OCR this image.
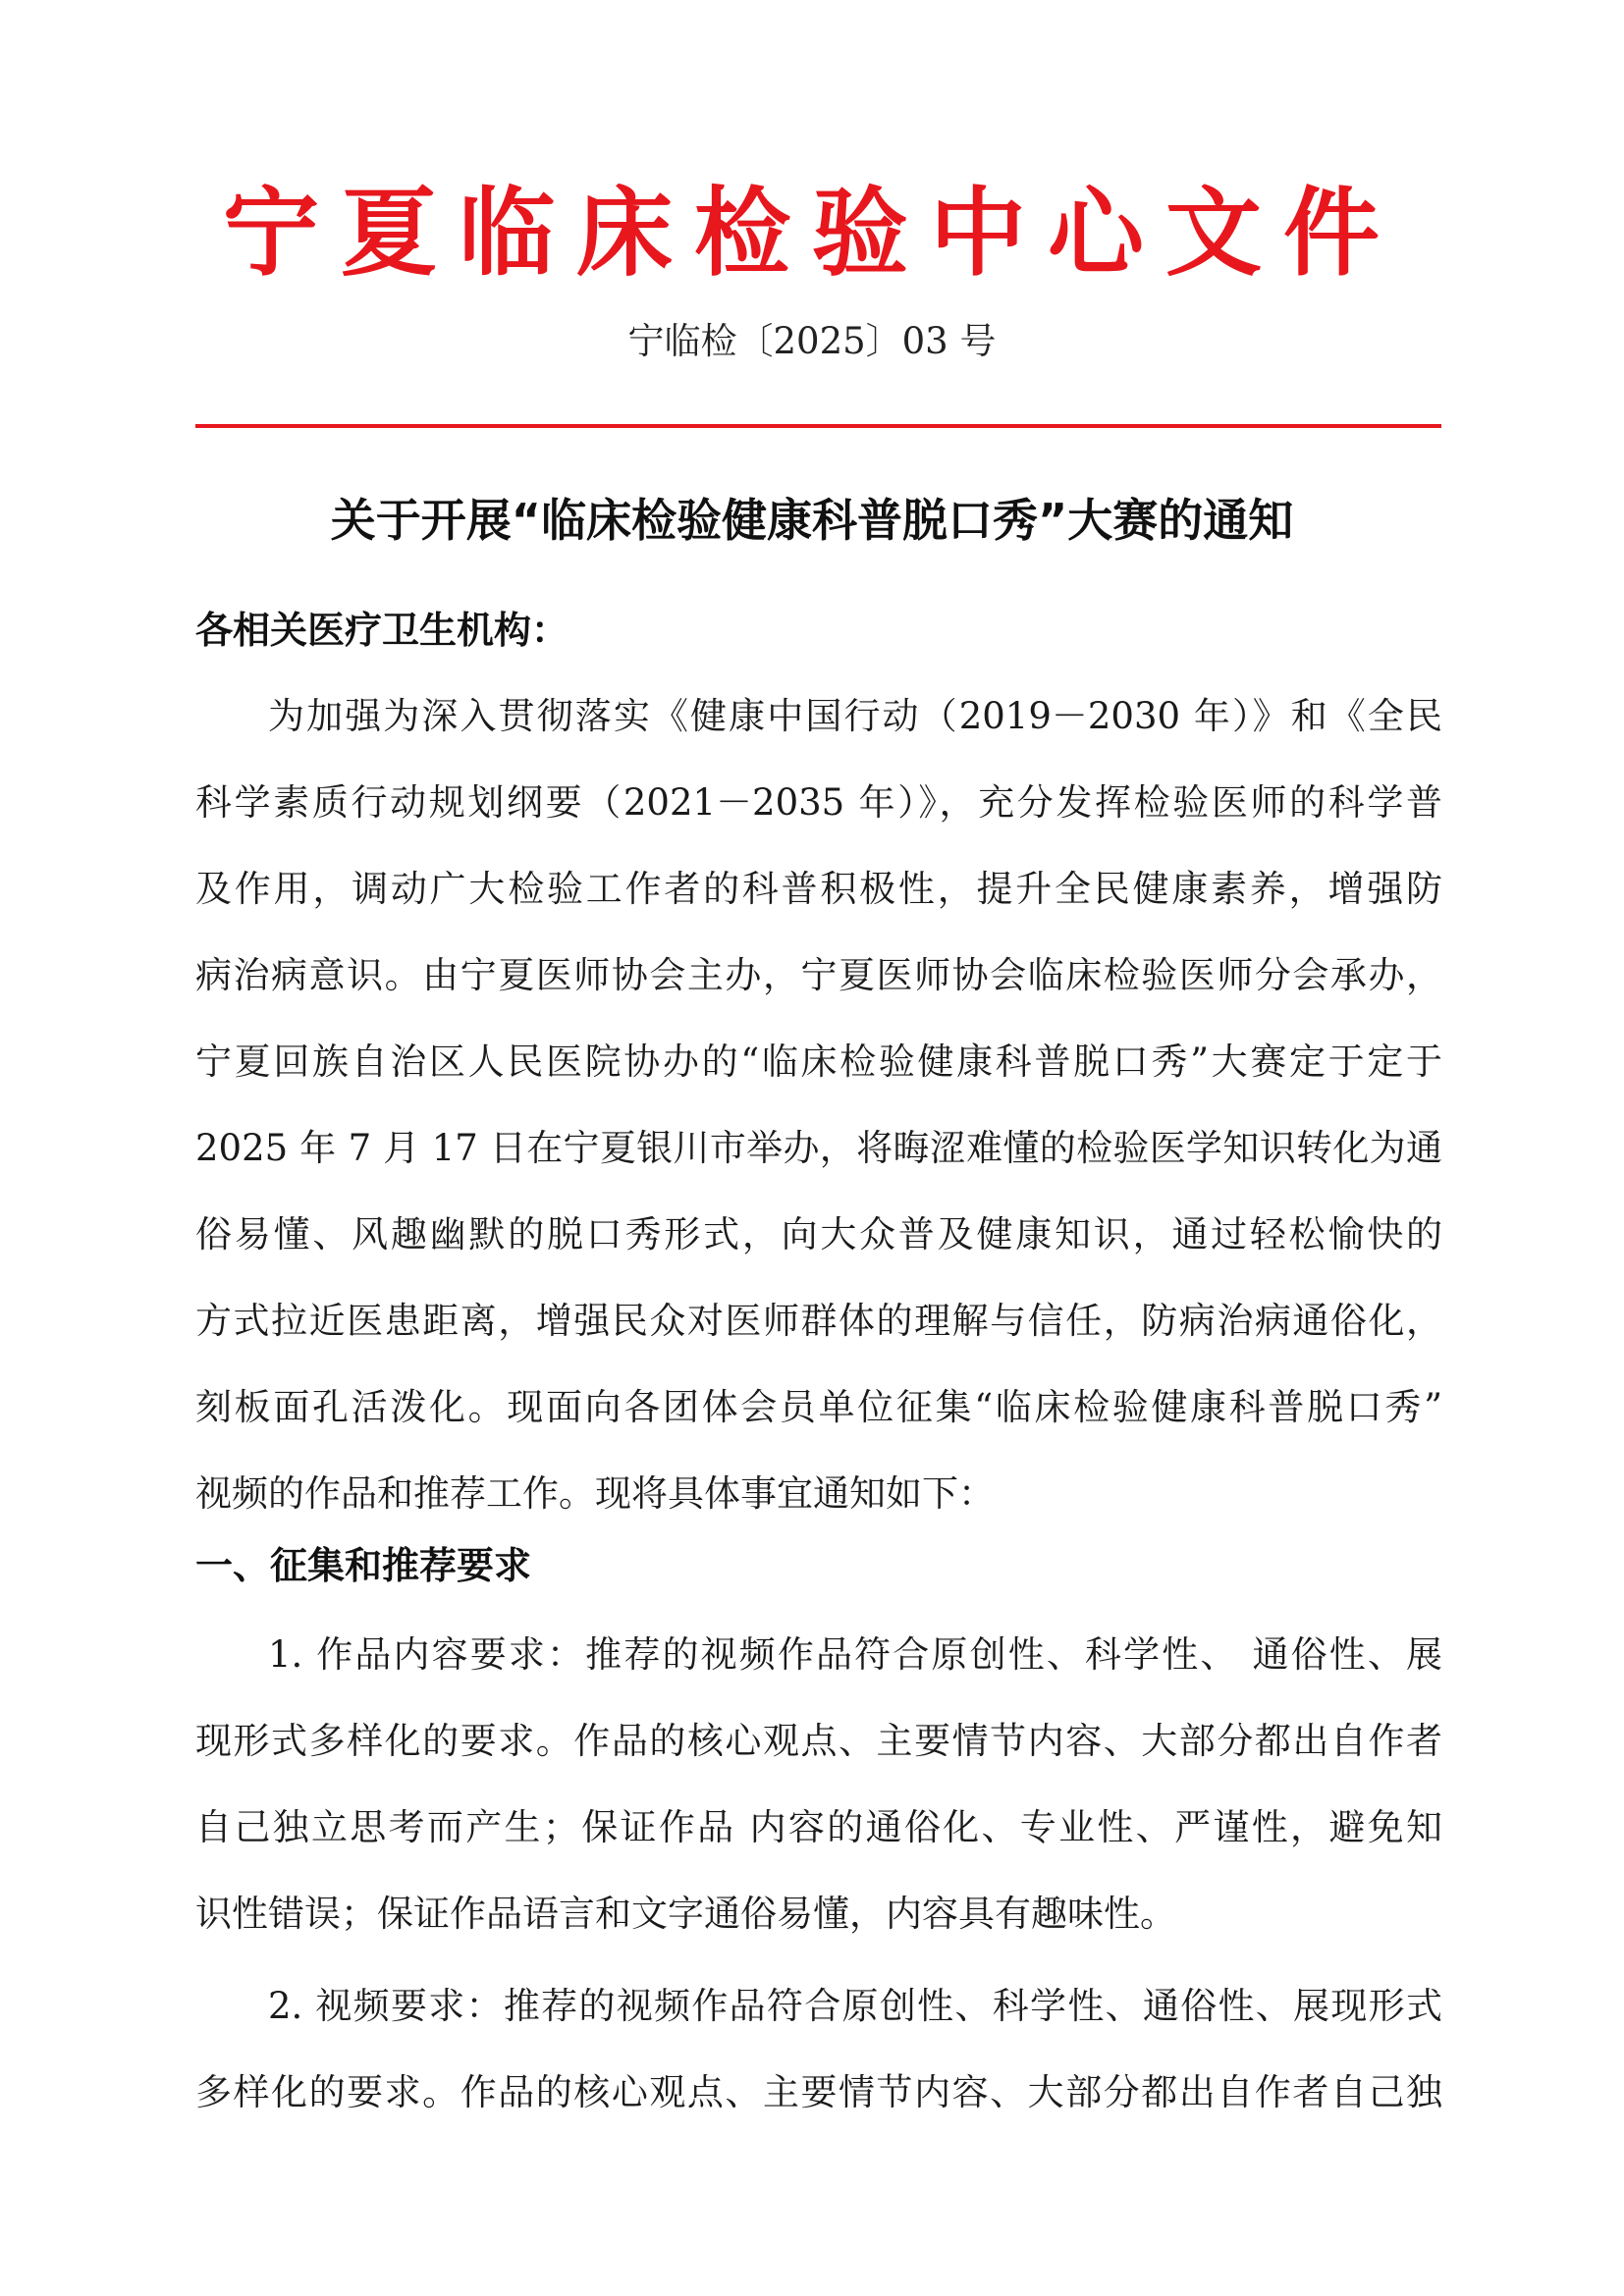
宁夏临床检验中心文件
宁临检〔2025〕03 号
关于开展“临床检验健康科普脱口秀”大赛的通知
各相关医疗卫生机构：
为加强为深入贯彻落实《健康中国行动（2019－2030 年）》和《全民
科学素质行动规划纲要（2021－2035 年）》，充分发挥检验医师的科学普
及作用，调动广大检验工作者的科普积极性，提升全民健康素养，增强防
病治病意识。由宁夏医师协会主办，宁夏医师协会临床检验医师分会承办，
宁夏回族自治区人民医院协办的“临床检验健康科普脱口秀”大赛定于定于
2025 年 7 月 17 日在宁夏银川市举办，将晦涩难懂的检验医学知识转化为通
俗易懂、风趣幽默的脱口秀形式，向大众普及健康知识，通过轻松愉快的
方式拉近医患距离，增强民众对医师群体的理解与信任，防病治病通俗化，
刻板面孔活泼化。现面向各团体会员单位征集“临床检验健康科普脱口秀”
视频的作品和推荐工作。现将具体事宜通知如下：
一、征集和推荐要求
1. 作品内容要求：推荐的视频作品符合原创性、科学性、 通俗性、展
现形式多样化的要求。作品的核心观点、主要情节内容、大部分都出自作者
自己独立思考而产生；保证作品 内容的通俗化、专业性、严谨性，避免知
识性错误；保证作品语言和文字通俗易懂，内容具有趣味性。
2. 视频要求：推荐的视频作品符合原创性、科学性、通俗性、展现形式
多样化的要求。作品的核心观点、主要情节内容、大部分都出自作者自己独
